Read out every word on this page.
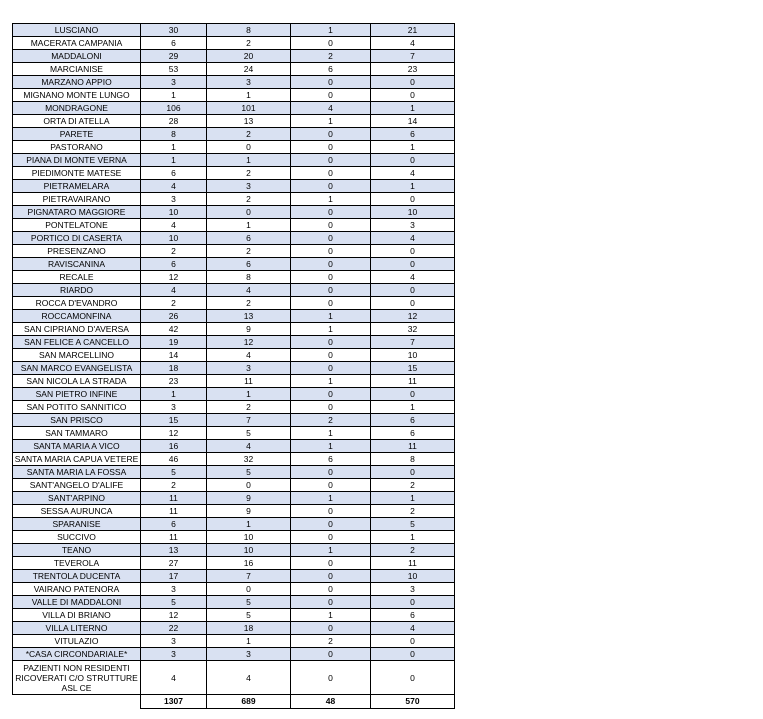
LUSCIANO	30	8	1	21
MACERATA CAMPANIA	6	2	0	4
MADDALONI	29	20	2	7
MARCIANISE	53	24	6	23
MARZANO APPIO	3	3	0	0
MIGNANO MONTE LUNGO	1	1	0	0
MONDRAGONE	106	101	4	1
ORTA DI ATELLA	28	13	1	14
PARETE	8	2	0	6
PASTORANO	1	0	0	1
PIANA DI MONTE VERNA	1	1	0	0
PIEDIMONTE MATESE	6	2	0	4
PIETRAMELARA	4	3	0	1
PIETRAVAIRANO	3	2	1	0
PIGNATARO MAGGIORE	10	0	0	10
PONTELATONE	4	1	0	3
PORTICO DI CASERTA	10	6	0	4
PRESENZANO	2	2	0	0
RAVISCANINA	6	6	0	0
RECALE	12	8	0	4
RIARDO	4	4	0	0
ROCCA D'EVANDRO	2	2	0	0
ROCCAMONFINA	26	13	1	12
SAN CIPRIANO D'AVERSA	42	9	1	32
SAN FELICE A CANCELLO	19	12	0	7
SAN MARCELLINO	14	4	0	10
SAN MARCO EVANGELISTA	18	3	0	15
SAN NICOLA LA STRADA	23	11	1	11
SAN PIETRO INFINE	1	1	0	0
SAN POTITO SANNITICO	3	2	0	1
SAN PRISCO	15	7	2	6
SAN TAMMARO	12	5	1	6
SANTA MARIA A VICO	16	4	1	11
SANTA MARIA CAPUA VETERE	46	32	6	8
SANTA MARIA LA FOSSA	5	5	0	0
SANT'ANGELO D'ALIFE	2	0	0	2
SANT'ARPINO	11	9	1	1
SESSA AURUNCA	11	9	0	2
SPARANISE	6	1	0	5
SUCCIVO	11	10	0	1
TEANO	13	10	1	2
TEVEROLA	27	16	0	11
TRENTOLA DUCENTA	17	7	0	10
VAIRANO PATENORA	3	0	0	3
VALLE DI MADDALONI	5	5	0	0
VILLA DI BRIANO	12	5	1	6
VILLA LITERNO	22	18	0	4
VITULAZIO	3	1	2	0
*CASA CIRCONDARIALE*	3	3	0	0
PAZIENTI NON RESIDENTI RICOVERATI C/O STRUTTURE ASL CE	4	4	0	0
	1307	689	48	570
